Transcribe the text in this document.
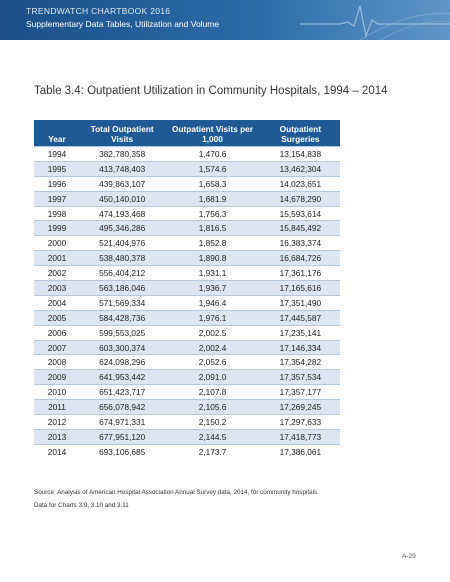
TRENDWATCH CHARTBOOK 2016
Supplementary Data Tables, Utilization and Volume
Table 3.4: Outpatient Utilization in Community Hospitals, 1994 – 2014
Year	Total Outpatient Visits	Outpatient Visits per 1,000	Outpatient Surgeries
1994	382,780,358	1,470.6	13,154,838
1995	413,748,403	1,574.6	13,462,304
1996	439,863,107	1,658.3	14,023,651
1997	450,140,010	1,681.9	14,678,290
1998	474,193,468	1,756.3	15,593,614
1999	495,346,286	1,816.5	15,845,492
2000	521,404,976	1,852.8	16,383,374
2001	538,480,378	1,890.8	16,684,726
2002	556,404,212	1,931.1	17,361,176
2003	563,186,046	1,936.7	17,165,616
2004	571,569,334	1,946.4	17,351,490
2005	584,428,736	1,976.1	17,445,587
2006	599,553,025	2,002.5	17,235,141
2007	603,300,374	2,002.4	17,146,334
2008	624,098,296	2,052.6	17,354,282
2009	641,953,442	2,091.0	17,357,534
2010	651,423,717	2,107.8	17,357,177
2011	656,078,942	2,105.6	17,269,245
2012	674,971,331	2,150.2	17,297,633
2013	677,951,120	2,144.5	17,418,773
2014	693,106,685	2,173.7	17,386,061
Source: Analysis of American Hospital Association Annual Survey data, 2014, for community hospitals.
Data for Charts 3.9, 3.10 and 3.11
A-29
